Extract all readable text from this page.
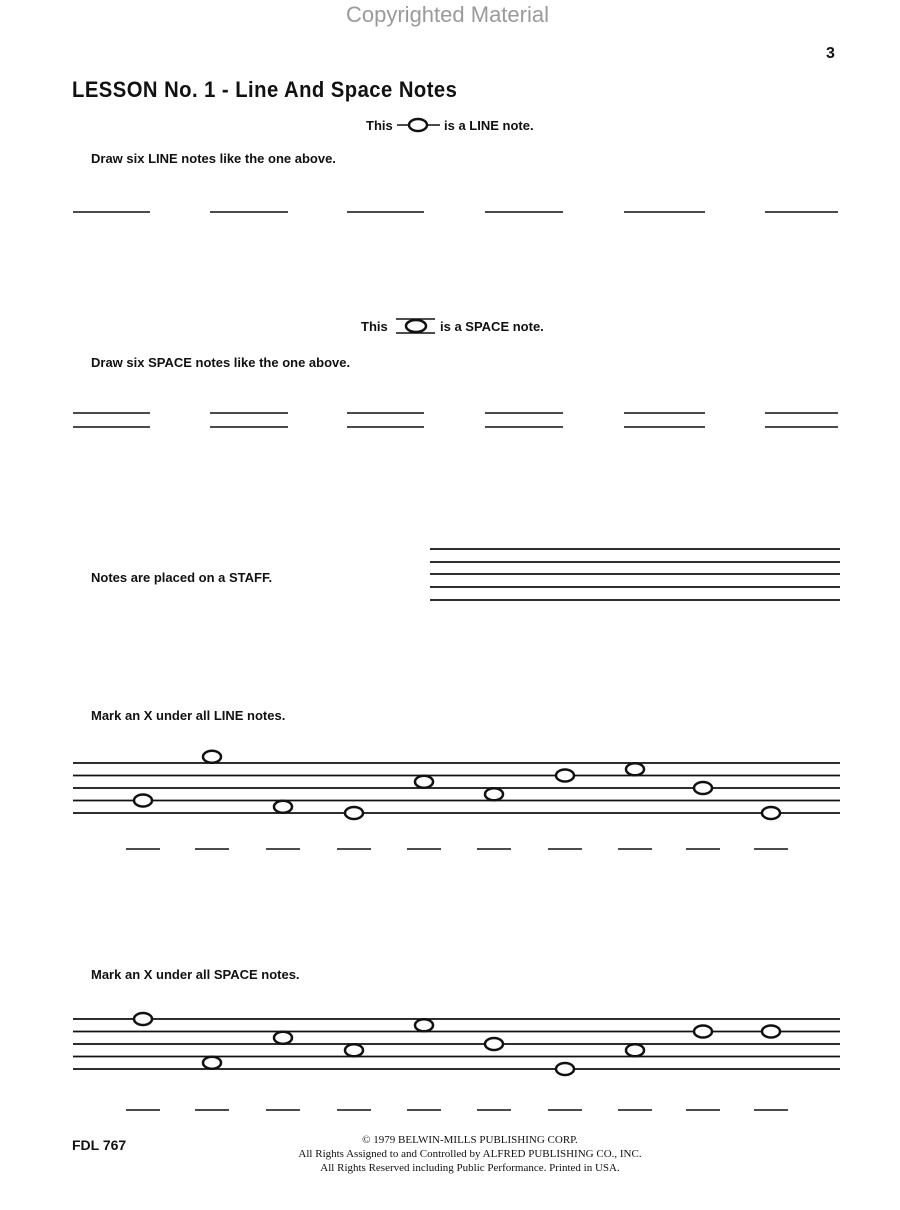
Copyrighted Material
3
LESSON No. 1 - Line And Space Notes
This	is a LINE note.
Draw six LINE notes like the one above.
This	is a SPACE note.
Draw six SPACE notes like the one above.
Notes are placed on a STAFF.
Mark an X under all LINE notes.
Mark an X under all SPACE notes.
FDL 767	© 1979 BELWIN-MILLS PUBLISHING CORP.
All Rights Assigned to and Controlled by ALFRED PUBLISHING CO., INC.
All Rights Reserved including Public Performance. Printed in USA.
